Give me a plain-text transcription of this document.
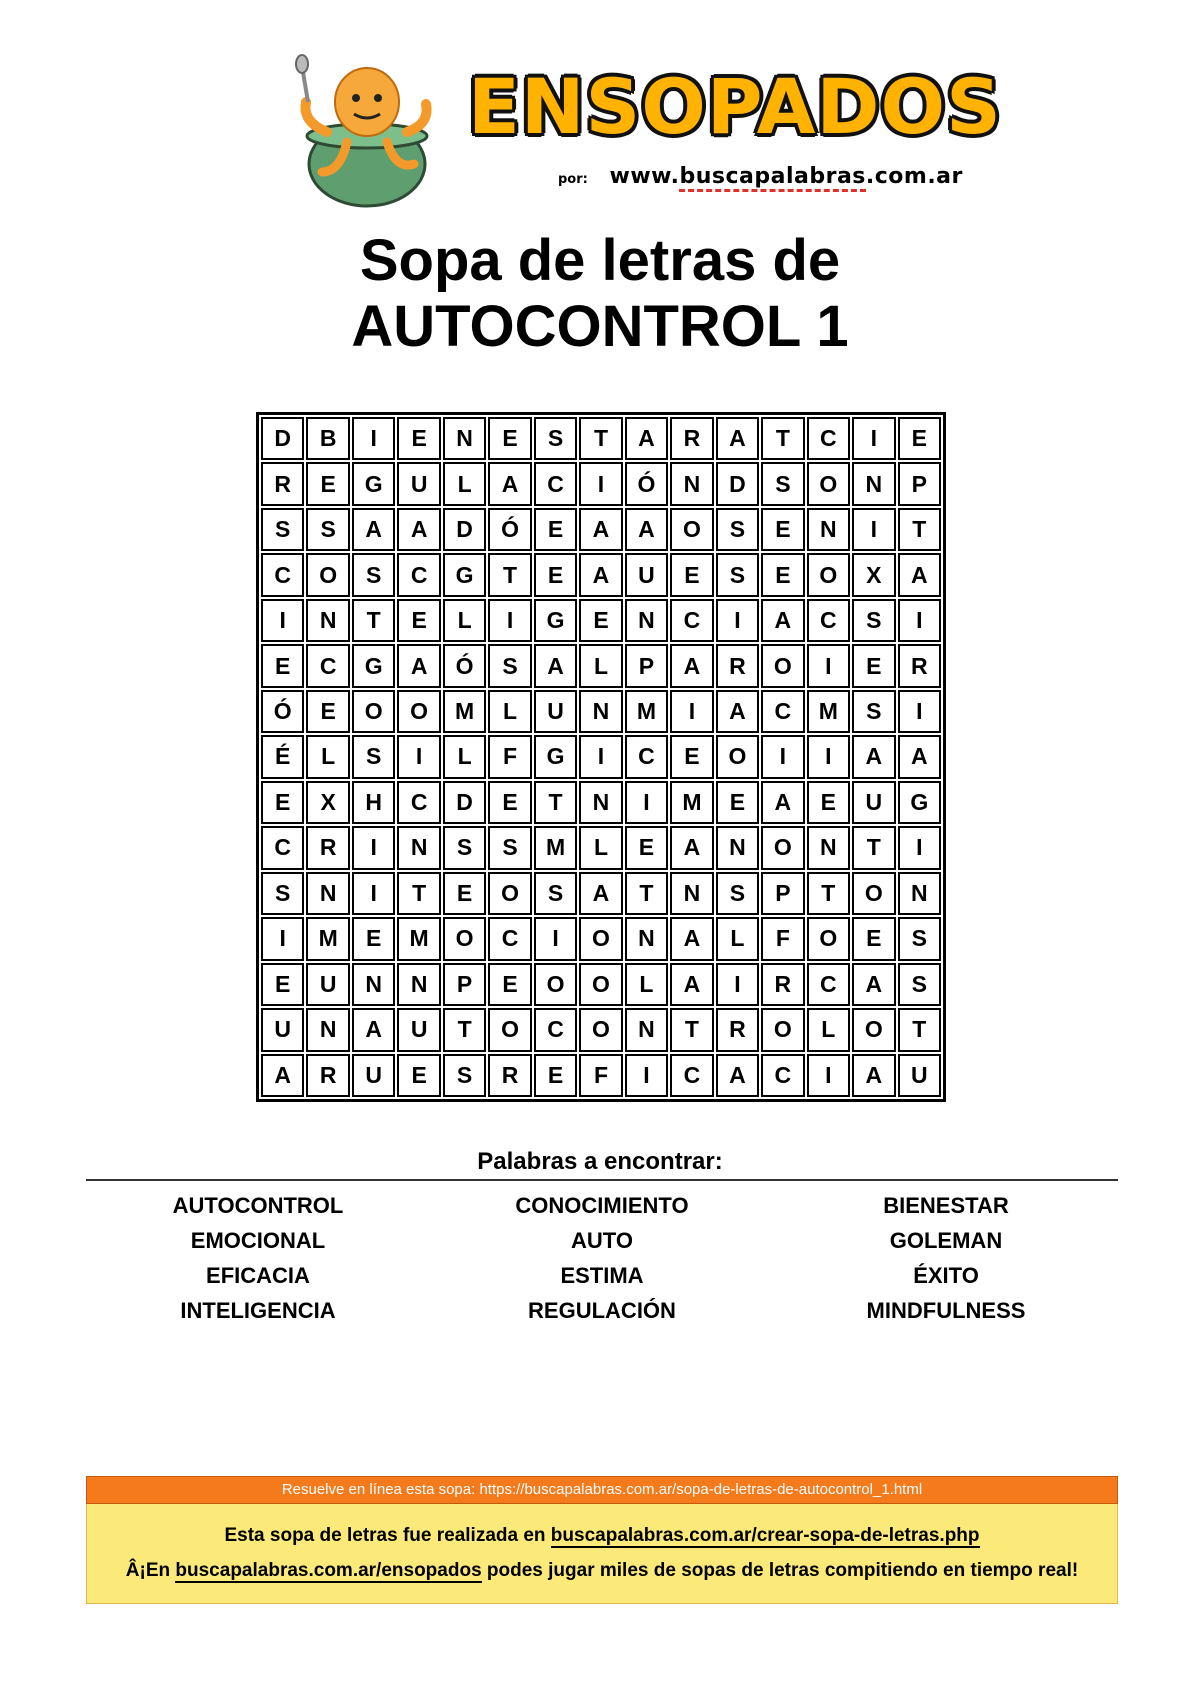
ENSOPADOS
por: www.buscapalabras.com.ar
Sopa de letras de
AUTOCONTROL 1
D	B	I	E	N	E	S	T	A	R	A	T	C	I	E
R	E	G	U	L	A	C	I	Ó	N	D	S	O	N	P
S	S	A	A	D	Ó	E	A	A	O	S	E	N	I	T
C	O	S	C	G	T	E	A	U	E	S	E	O	X	A
I	N	T	E	L	I	G	E	N	C	I	A	C	S	I
E	C	G	A	Ó	S	A	L	P	A	R	O	I	E	R
Ó	E	O	O	M	L	U	N	M	I	A	C	M	S	I
É	L	S	I	L	F	G	I	C	E	O	I	I	A	A
E	X	H	C	D	E	T	N	I	M	E	A	E	U	G
C	R	I	N	S	S	M	L	E	A	N	O	N	T	I
S	N	I	T	E	O	S	A	T	N	S	P	T	O	N
I	M	E	M	O	C	I	O	N	A	L	F	O	E	S
E	U	N	N	P	E	O	O	L	A	I	R	C	A	S
U	N	A	U	T	O	C	O	N	T	R	O	L	O	T
A	R	U	E	S	R	E	F	I	C	A	C	I	A	U
Palabras a encontrar:
AUTOCONTROL	CONOCIMIENTO	BIENESTAR
EMOCIONAL	AUTO	GOLEMAN
EFICACIA	ESTIMA	ÉXITO
INTELIGENCIA	REGULACIÓN	MINDFULNESS
Resuelve en línea esta sopa: https://buscapalabras.com.ar/sopa-de-letras-de-autocontrol_1.html
Esta sopa de letras fue realizada en buscapalabras.com.ar/crear-sopa-de-letras.php
Â¡En buscapalabras.com.ar/ensopados podes jugar miles de sopas de letras compitiendo en tiempo real!
